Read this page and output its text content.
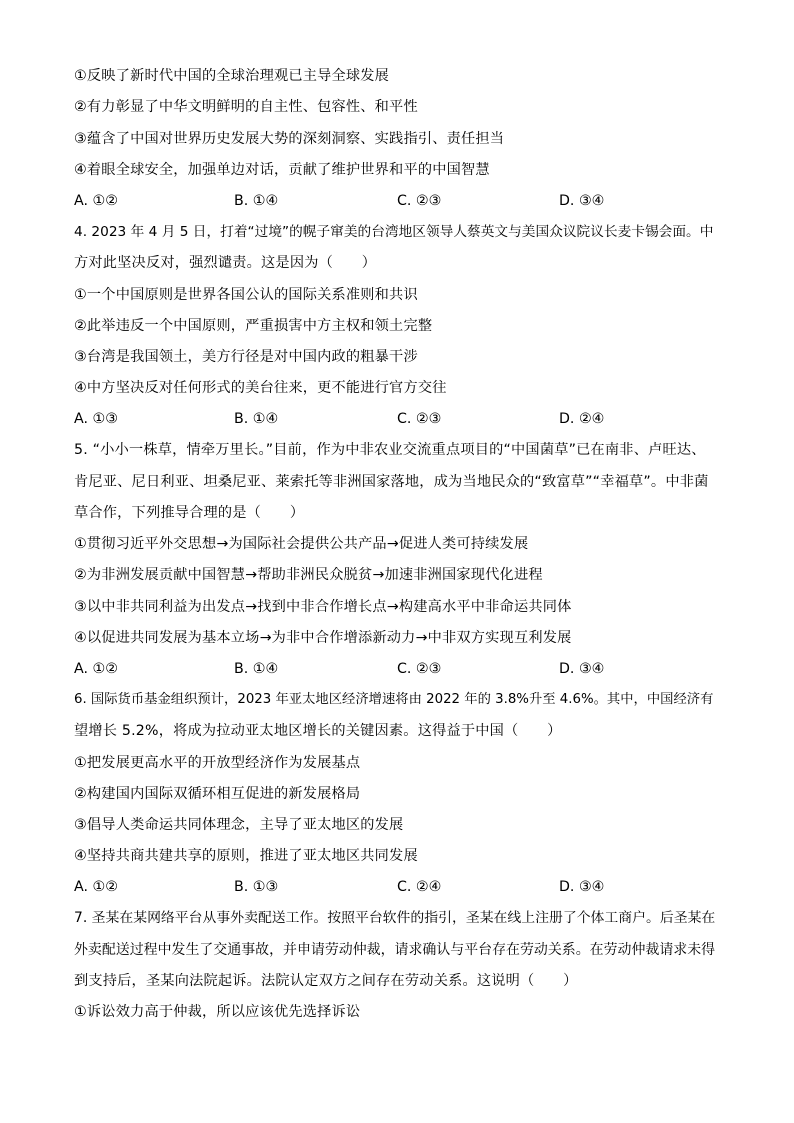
①反映了新时代中国的全球治理观已主导全球发展
②有力彰显了中华文明鲜明的自主性、包容性、和平性
③蕴含了中国对世界历史发展大势的深刻洞察、实践指引、责任担当
④着眼全球安全，加强单边对话，贡献了维护世界和平的中国智慧
A. ①②	B. ①④	C. ②③	D. ③④
4. 2023 年 4 月 5 日，打着“过境”的幌子窜美的台湾地区领导人蔡英文与美国众议院议长麦卡锡会面。中
方对此坚决反对，强烈谴责。这是因为（　　）
①一个中国原则是世界各国公认的国际关系准则和共识
②此举违反一个中国原则，严重损害中方主权和领土完整
③台湾是我国领土，美方行径是对中国内政的粗暴干涉
④中方坚决反对任何形式的美台往来，更不能进行官方交往
A. ①③	B. ①④	C. ②③	D. ②④
5. “小小一株草，情牵万里长。”目前，作为中非农业交流重点项目的“中国菌草”已在南非、卢旺达、
肯尼亚、尼日利亚、坦桑尼亚、莱索托等非洲国家落地，成为当地民众的“致富草”“幸福草”。中非菌
草合作，下列推导合理的是（　　）
①贯彻习近平外交思想→为国际社会提供公共产品→促进人类可持续发展
②为非洲发展贡献中国智慧→帮助非洲民众脱贫→加速非洲国家现代化进程
③以中非共同利益为出发点→找到中非合作增长点→构建高水平中非命运共同体
④以促进共同发展为基本立场→为非中合作增添新动力→中非双方实现互利发展
A. ①②	B. ①④	C. ②③	D. ③④
6. 国际货币基金组织预计，2023 年亚太地区经济增速将由 2022 年的 3.8%升至 4.6%。其中，中国经济有
望增长 5.2%，将成为拉动亚太地区增长的关键因素。这得益于中国（　　）
①把发展更高水平的开放型经济作为发展基点
②构建国内国际双循环相互促进的新发展格局
③倡导人类命运共同体理念，主导了亚太地区的发展
④坚持共商共建共享的原则，推进了亚太地区共同发展
A. ①②	B. ①③	C. ②④	D. ③④
7. 圣某在某网络平台从事外卖配送工作。按照平台软件的指引，圣某在线上注册了个体工商户。后圣某在
外卖配送过程中发生了交通事故，并申请劳动仲裁，请求确认与平台存在劳动关系。在劳动仲裁请求未得
到支持后，圣某向法院起诉。法院认定双方之间存在劳动关系。这说明（　　）
①诉讼效力高于仲裁，所以应该优先选择诉讼
